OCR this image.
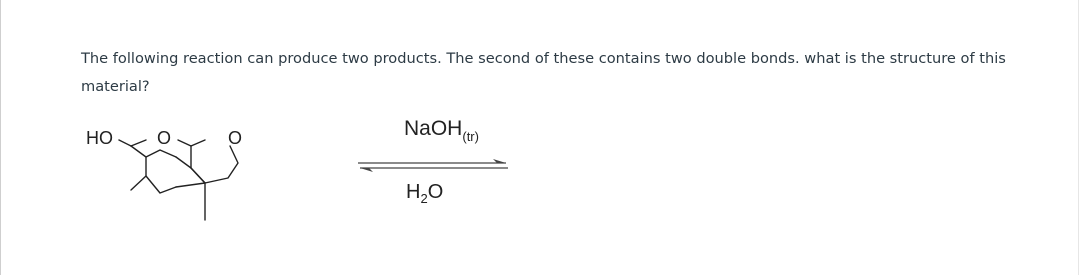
The following reaction can produce two products. The second of these contains two double bonds. what is the structure of this material?
HO O	O	NaOH$_{(tr)}$
$H_2O$
